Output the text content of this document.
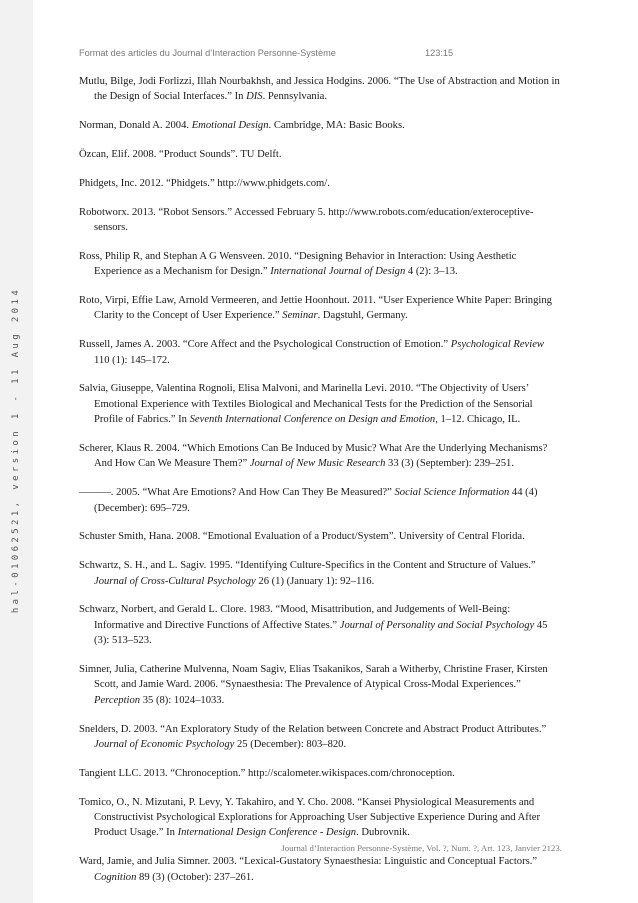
hal-01062521, version 1 - 11 Aug 2014
Format des articles du Journal d’Interaction Personne-Système	123:15

Mutlu, Bilge, Jodi Forlizzi, Illah Nourbakhsh, and Jessica Hodgins. 2006. “The Use of Abstraction and Motion in the Design of Social Interfaces.” In DIS. Pennsylvania.

Norman, Donald A. 2004. Emotional Design. Cambridge, MA: Basic Books.

Özcan, Elif. 2008. “Product Sounds”. TU Delft.

Phidgets, Inc. 2012. “Phidgets.” http://www.phidgets.com/.

Robotworx. 2013. “Robot Sensors.” Accessed February 5. http://www.robots.com/education/exteroceptive-sensors.

Ross, Philip R, and Stephan A G Wensveen. 2010. “Designing Behavior in Interaction: Using Aesthetic Experience as a Mechanism for Design.” International Journal of Design 4 (2): 3–13.

Roto, Virpi, Effie Law, Arnold Vermeeren, and Jettie Hoonhout. 2011. “User Experience White Paper: Bringing Clarity to the Concept of User Experience.” Seminar. Dagstuhl, Germany.

Russell, James A. 2003. “Core Affect and the Psychological Construction of Emotion.” Psychological Review 110 (1): 145–172.

Salvia, Giuseppe, Valentina Rognoli, Elisa Malvoni, and Marinella Levi. 2010. “The Objectivity of Users’ Emotional Experience with Textiles Biological and Mechanical Tests for the Prediction of the Sensorial Profile of Fabrics.” In Seventh International Conference on Design and Emotion, 1–12. Chicago, IL.

Scherer, Klaus R. 2004. “Which Emotions Can Be Induced by Music? What Are the Underlying Mechanisms? And How Can We Measure Them?” Journal of New Music Research 33 (3) (September): 239–251.

———. 2005. “What Are Emotions? And How Can They Be Measured?” Social Science Information 44 (4) (December): 695–729.

Schuster Smith, Hana. 2008. “Emotional Evaluation of a Product/System”. University of Central Florida.

Schwartz, S. H., and L. Sagiv. 1995. “Identifying Culture-Specifics in the Content and Structure of Values.” Journal of Cross-Cultural Psychology 26 (1) (January 1): 92–116.

Schwarz, Norbert, and Gerald L. Clore. 1983. “Mood, Misattribution, and Judgements of Well-Being: Informative and Directive Functions of Affective States.” Journal of Personality and Social Psychology 45 (3): 513–523.

Simner, Julia, Catherine Mulvenna, Noam Sagiv, Elias Tsakanikos, Sarah a Witherby, Christine Fraser, Kirsten Scott, and Jamie Ward. 2006. “Synaesthesia: The Prevalence of Atypical Cross-Modal Experiences.” Perception 35 (8): 1024–1033.

Snelders, D. 2003. “An Exploratory Study of the Relation between Concrete and Abstract Product Attributes.” Journal of Economic Psychology 25 (December): 803–820.

Tangient LLC. 2013. “Chronoception.” http://scalometer.wikispaces.com/chronoception.

Tomico, O., N. Mizutani, P. Levy, Y. Takahiro, and Y. Cho. 2008. “Kansei Physiological Measurements and Constructivist Psychological Explorations for Approaching User Subjective Experience During and After Product Usage.” In International Design Conference - Design. Dubrovnik.

Ward, Jamie, and Julia Simner. 2003. “Lexical-Gustatory Synaesthesia: Linguistic and Conceptual Factors.” Cognition 89 (3) (October): 237–261.

Journal d’Interaction Personne-Système, Vol. ?, Num. ?, Art. 123, Janvier 2123.
